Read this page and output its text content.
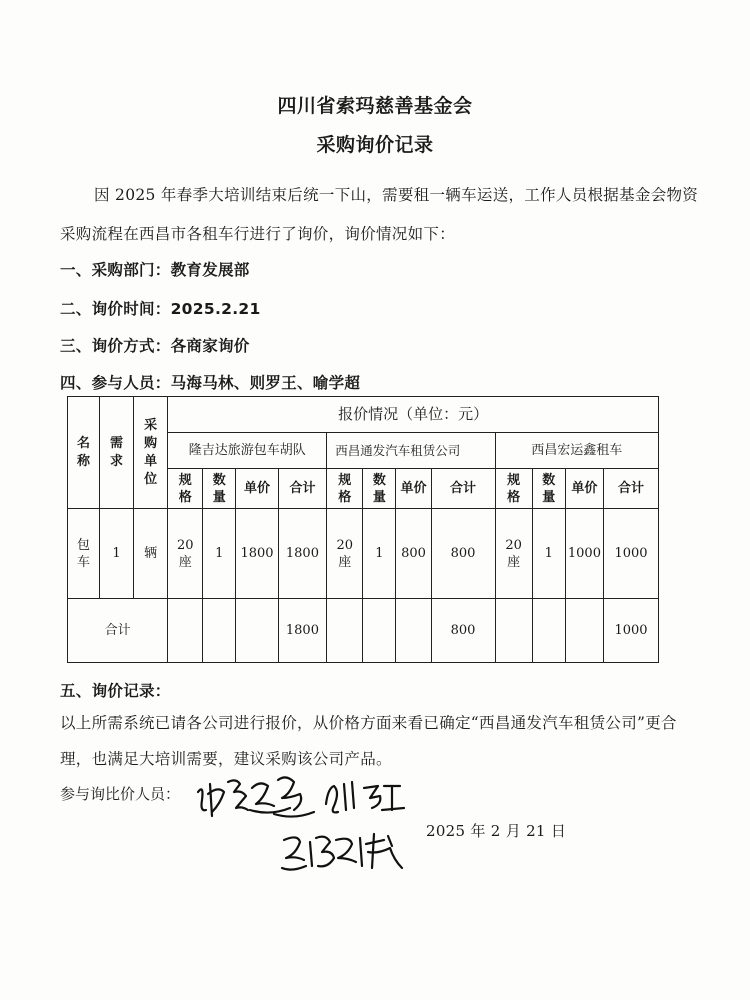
四川省索玛慈善基金会
采购询价记录
因 2025 年春季大培训结束后统一下山，需要租一辆车运送，工作人员根据基金会物资采购流程在西昌市各租车行进行了询价，询价情况如下：
一、采购部门：教育发展部
二、询价时间：2025.2.21
三、询价方式：各商家询价
四、参与人员：马海马林、则罗王、喻学超
名称	需求	采购单位	报价情况（单位：元）											
			隆吉达旅游包车胡队				西昌通发汽车租赁公司				西昌宏运鑫租车			
			规格	数量	单价	合计	规格	数量	单价	合计	规格	数量	单价	合计
包车	1	辆	20座	1	1800	1800	20座	1	800	800	20座	1	1000	1000
合计						1800				800				1000
五、询价记录：
以上所需系统已请各公司进行报价，从价格方面来看已确定“西昌通发汽车租赁公司”更合理，也满足大培训需要，建议采购该公司产品。
参与询比价人员：
2025 年 2 月 21 日
